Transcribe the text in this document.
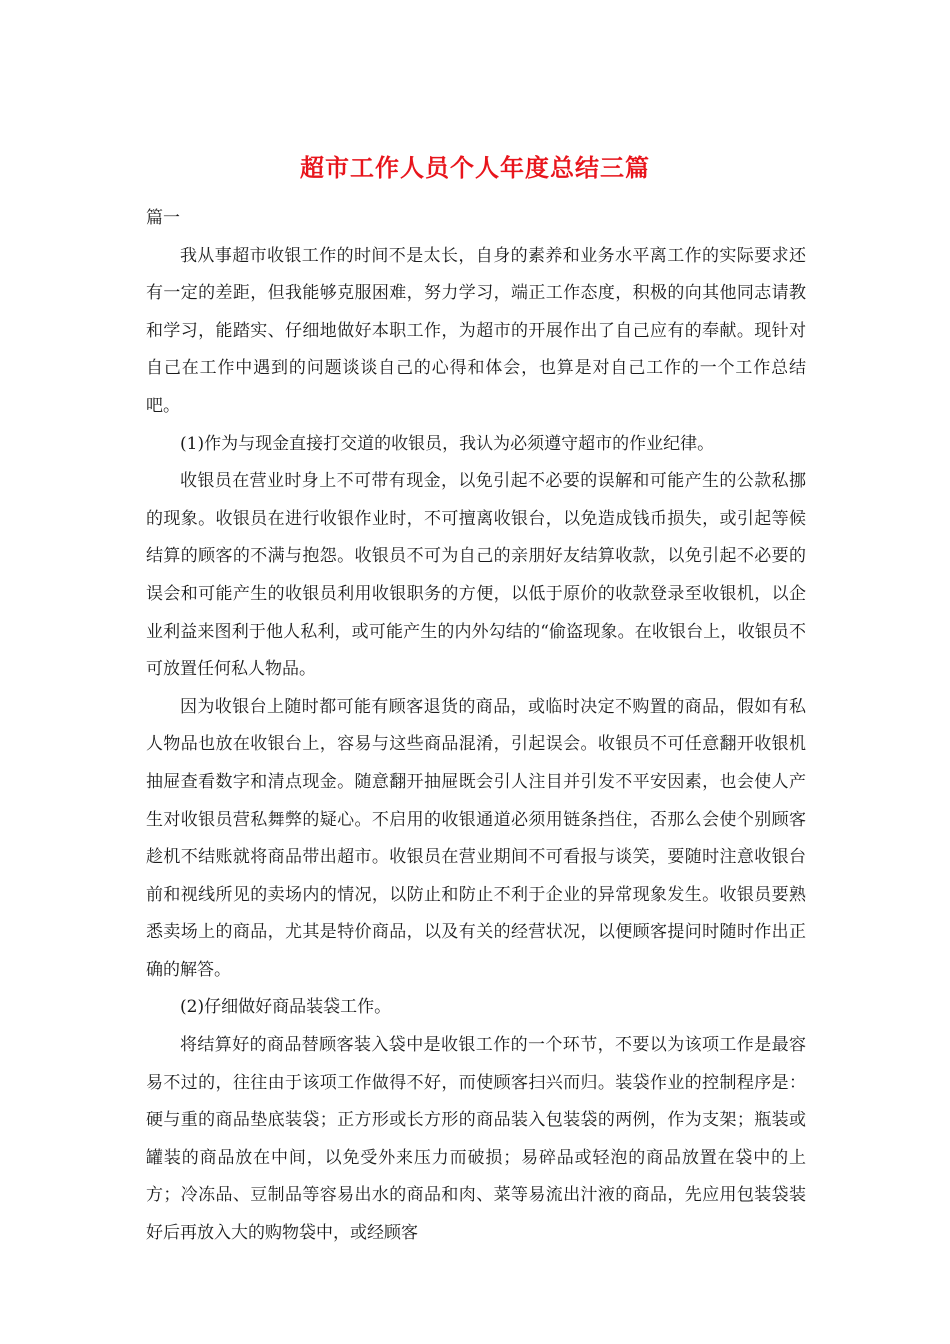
超市工作人员个人年度总结三篇

篇一

我从事超市收银工作的时间不是太长，自身的素养和业务水平离工作的实际要求还有一定的差距，但我能够克服困难，努力学习，端正工作态度，积极的向其他同志请教和学习，能踏实、仔细地做好本职工作，为超市的开展作出了自己应有的奉献。现针对自己在工作中遇到的问题谈谈自己的心得和体会，也算是对自己工作的一个工作总结吧。

(1)作为与现金直接打交道的收银员，我认为必须遵守超市的作业纪律。

收银员在营业时身上不可带有现金，以免引起不必要的误解和可能产生的公款私挪的现象。收银员在进行收银作业时，不可擅离收银台，以免造成钱币损失，或引起等候结算的顾客的不满与抱怨。收银员不可为自己的亲朋好友结算收款，以免引起不必要的误会和可能产生的收银员利用收银职务的方便，以低于原价的收款登录至收银机，以企业利益来图利于他人私利，或可能产生的内外勾结的“偷盗现象。在收银台上，收银员不可放置任何私人物品。

因为收银台上随时都可能有顾客退货的商品，或临时决定不购置的商品，假如有私人物品也放在收银台上，容易与这些商品混淆，引起误会。收银员不可任意翻开收银机抽屉查看数字和清点现金。随意翻开抽屉既会引人注目并引发不平安因素，也会使人产生对收银员营私舞弊的疑心。不启用的收银通道必须用链条挡住，否那么会使个别顾客趁机不结账就将商品带出超市。收银员在营业期间不可看报与谈笑，要随时注意收银台前和视线所见的卖场内的情况，以防止和防止不利于企业的异常现象发生。收银员要熟悉卖场上的商品，尤其是特价商品，以及有关的经营状况，以便顾客提问时随时作出正确的解答。

(2)仔细做好商品装袋工作。

将结算好的商品替顾客装入袋中是收银工作的一个环节，不要以为该项工作是最容易不过的，往往由于该项工作做得不好，而使顾客扫兴而归。装袋作业的控制程序是：硬与重的商品垫底装袋；正方形或长方形的商品装入包装袋的两例，作为支架；瓶装或罐装的商品放在中间，以免受外来压力而破损；易碎品或轻泡的商品放置在袋中的上方；冷冻品、豆制品等容易出水的商品和肉、菜等易流出汁液的商品，先应用包装袋装好后再放入大的购物袋中，或经顾客
